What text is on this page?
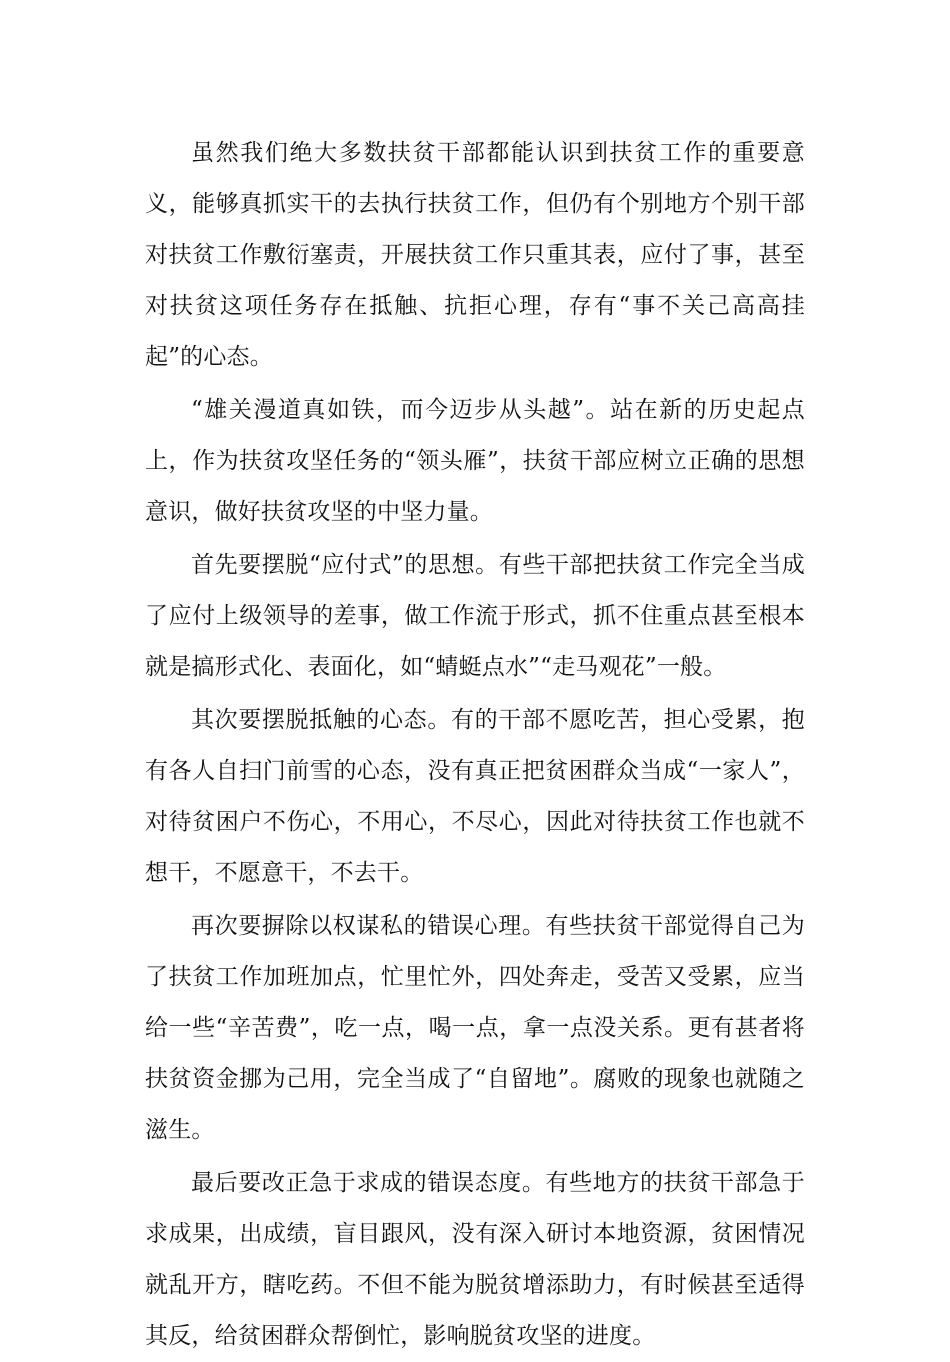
虽然我们绝大多数扶贫干部都能认识到扶贫工作的重要意义，能够真抓实干的去执行扶贫工作，但仍有个别地方个别干部对扶贫工作敷衍塞责，开展扶贫工作只重其表，应付了事，甚至对扶贫这项任务存在抵触、抗拒心理，存有“事不关己高高挂起”的心态。

“雄关漫道真如铁，而今迈步从头越”。站在新的历史起点上，作为扶贫攻坚任务的“领头雁”，扶贫干部应树立正确的思想意识，做好扶贫攻坚的中坚力量。

首先要摆脱“应付式”的思想。有些干部把扶贫工作完全当成了应付上级领导的差事，做工作流于形式，抓不住重点甚至根本就是搞形式化、表面化，如“蜻蜓点水”“走马观花”一般。

其次要摆脱抵触的心态。有的干部不愿吃苦，担心受累，抱有各人自扫门前雪的心态，没有真正把贫困群众当成“一家人”，对待贫困户不伤心，不用心，不尽心，因此对待扶贫工作也就不想干，不愿意干，不去干。

再次要摒除以权谋私的错误心理。有些扶贫干部觉得自己为了扶贫工作加班加点，忙里忙外，四处奔走，受苦又受累，应当给一些“辛苦费”，吃一点，喝一点，拿一点没关系。更有甚者将扶贫资金挪为己用，完全当成了“自留地”。腐败的现象也就随之滋生。

最后要改正急于求成的错误态度。有些地方的扶贫干部急于求成果，出成绩，盲目跟风，没有深入研讨本地资源，贫困情况就乱开方，瞎吃药。不但不能为脱贫增添助力，有时候甚至适得其反，给贫困群众帮倒忙，影响脱贫攻坚的进度。
